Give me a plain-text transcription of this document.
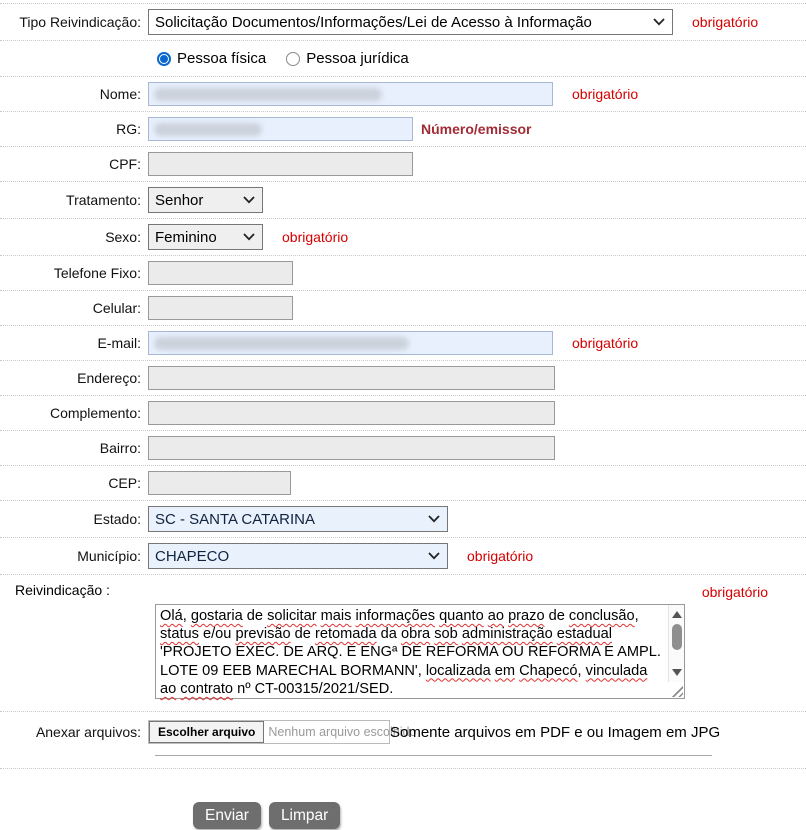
Tipo Reivindicação: Solicitação Documentos/Informações/Lei de Acesso à Informação	obrigatório
Pessoa física	Pessoa jurídica
Nome:	obrigatório
RG:	Número/emissor
CPF:
Tratamento: Senhor
Sexo: Feminino	obrigatório
Telefone Fixo:
Celular:
E-mail:	obrigatório
Endereço:
Complemento:
Bairro:
CEP:
Estado: SC - SANTA CATARINA
Município: CHAPECO	obrigatório
Reivindicação :	obrigatório
Olá, gostaria de solicitar mais informações quanto ao prazo de conclusão, status e/ou previsão de retomada da obra sob administração estadual 'PROJETO EXEC. DE ARQ. E ENGª DE REFORMA OU REFORMA E AMPL. LOTE 09 EEB MARECHAL BORMANN', localizada em Chapecó, vinculada ao contrato nº CT-00315/2021/SED.
Anexar arquivos:	Escolher arquivo	Nenhum arquivo escolhido
Somente arquivos em PDF e ou Imagem em JPG
Enviar	Limpar
